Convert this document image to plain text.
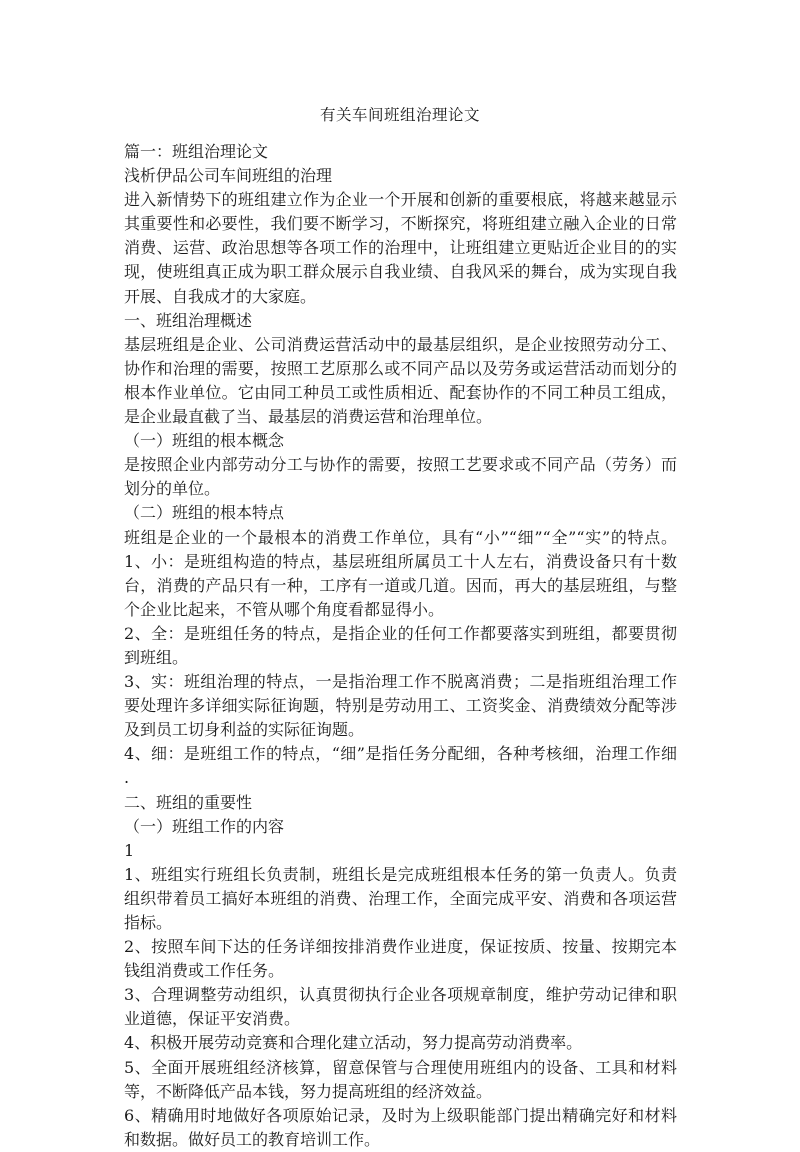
有关车间班组治理论文
篇一：班组治理论文
浅析伊品公司车间班组的治理
进入新情势下的班组建立作为企业一个开展和创新的重要根底，将越来越显示
其重要性和必要性，我们要不断学习，不断探究，将班组建立融入企业的日常
消费、运营、政治思想等各项工作的治理中，让班组建立更贴近企业目的的实
现，使班组真正成为职工群众展示自我业绩、自我风采的舞台，成为实现自我
开展、自我成才的大家庭。
一、班组治理概述
基层班组是企业、公司消费运营活动中的最基层组织，是企业按照劳动分工、
协作和治理的需要，按照工艺原那么或不同产品以及劳务或运营活动而划分的
根本作业单位。它由同工种员工或性质相近、配套协作的不同工种员工组成，
是企业最直截了当、最基层的消费运营和治理单位。
（一）班组的根本概念
是按照企业内部劳动分工与协作的需要，按照工艺要求或不同产品（劳务）而
划分的单位。
（二）班组的根本特点
班组是企业的一个最根本的消费工作单位，具有“小”“细”“全”“实”的特点。
1、小：是班组构造的特点，基层班组所属员工十人左右，消费设备只有十数
台，消费的产品只有一种，工序有一道或几道。因而，再大的基层班组，与整
个企业比起来，不管从哪个角度看都显得小。
2、全：是班组任务的特点，是指企业的任何工作都要落实到班组，都要贯彻
到班组。
3、实：班组治理的特点，一是指治理工作不脱离消费；二是指班组治理工作
要处理许多详细实际征询题，特别是劳动用工、工资奖金、消费绩效分配等涉
及到员工切身利益的实际征询题。
4、细：是班组工作的特点，“细”是指任务分配细，各种考核细，治理工作细
.
二、班组的重要性
（一）班组工作的内容
1
1、班组实行班组长负责制，班组长是完成班组根本任务的第一负责人。负责
组织带着员工搞好本班组的消费、治理工作，全面完成平安、消费和各项运营
指标。
2、按照车间下达的任务详细按排消费作业进度，保证按质、按量、按期完本
钱组消费或工作任务。
3、合理调整劳动组织，认真贯彻执行企业各项规章制度，维护劳动记律和职
业道德，保证平安消费。
4、积极开展劳动竞赛和合理化建立活动，努力提高劳动消费率。
5、全面开展班组经济核算，留意保管与合理使用班组内的设备、工具和材料
等，不断降低产品本钱，努力提高班组的经济效益。
6、精确用时地做好各项原始记录，及时为上级职能部门提出精确完好和材料
和数据。做好员工的教育培训工作。
